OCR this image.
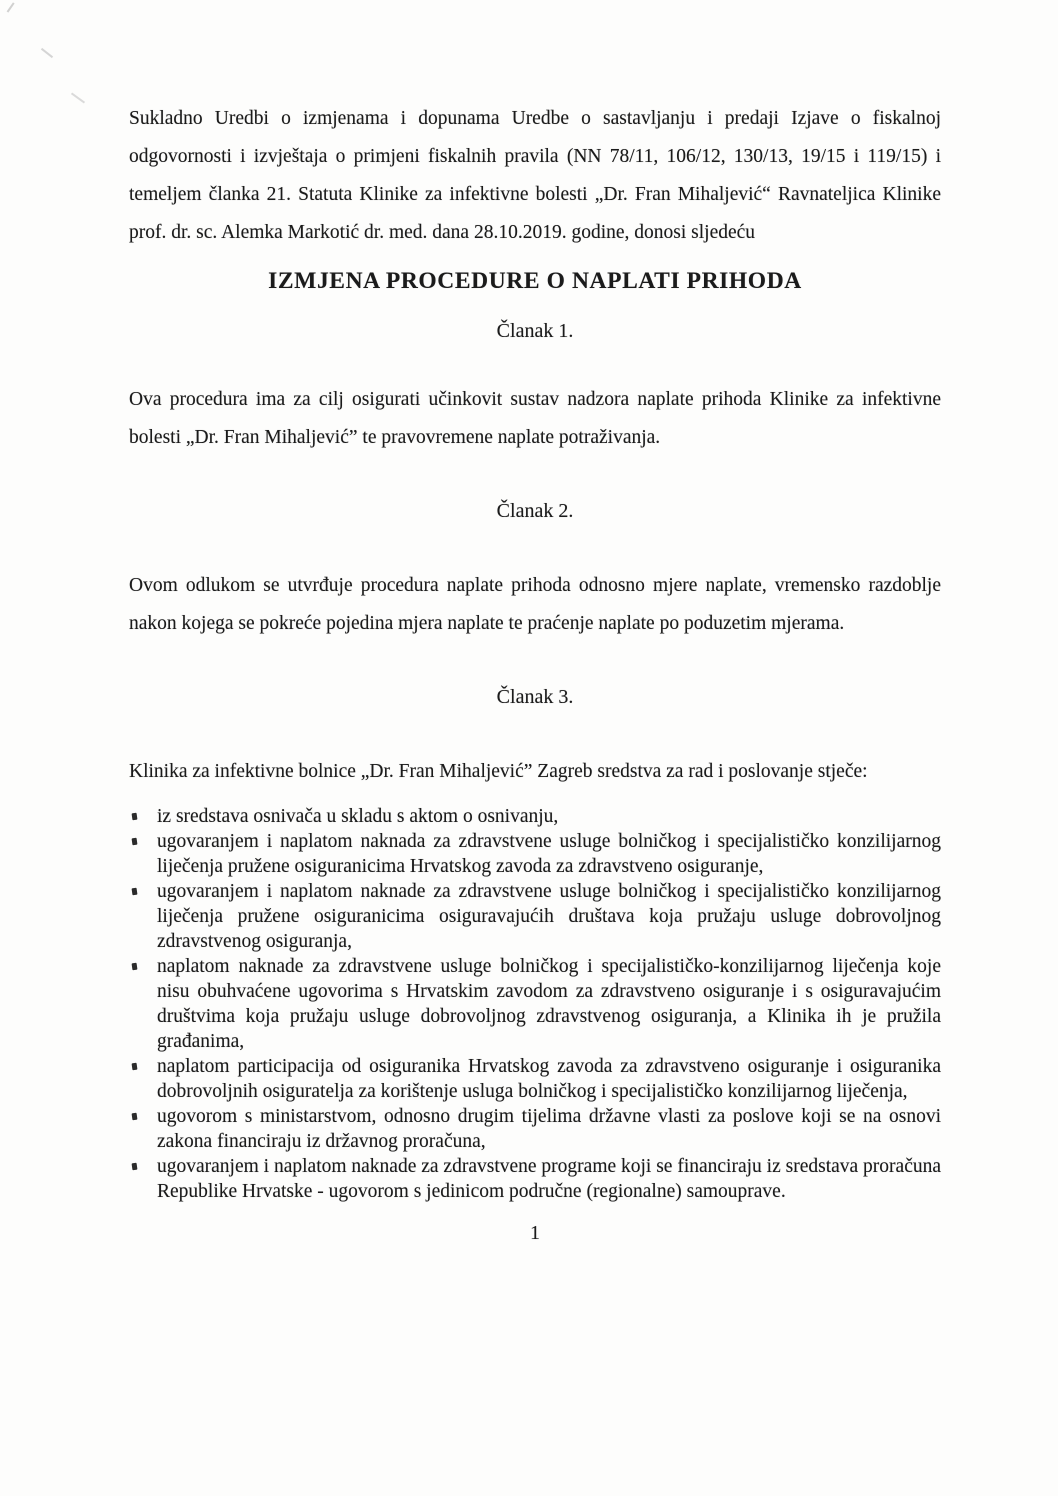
Sukladno Uredbi o izmjenama i dopunama Uredbe o sastavljanju i predaji Izjave o fiskalnoj odgovornosti i izvještaja o primjeni fiskalnih pravila (NN 78/11, 106/12, 130/13, 19/15 i 119/15) i temeljem članka 21. Statuta Klinike za infektivne bolesti „Dr. Fran Mihaljević“ Ravnateljica Klinike prof. dr. sc. Alemka Markotić dr. med. dana 28.10.2019. godine, donosi sljedeću

IZMJENA PROCEDURE O NAPLATI PRIHODA
Članak 1.

Ova procedura ima za cilj osigurati učinkovit sustav nadzora naplate prihoda Klinike za infektivne bolesti „Dr. Fran Mihaljević” te pravovremene naplate potraživanja.

Članak 2.

Ovom odlukom se utvrđuje procedura naplate prihoda odnosno mjere naplate, vremensko razdoblje nakon kojega se pokreće pojedina mjera naplate te praćenje naplate po poduzetim mjerama.

Članak 3.

Klinika za infektivne bolnice „Dr. Fran Mihaljević” Zagreb sredstva za rad i poslovanje stječe:

iz sredstava osnivača u skladu s aktom o osnivanju,
ugovaranjem i naplatom naknada za zdravstvene usluge bolničkog i specijalističko konzilijarnog liječenja pružene osiguranicima Hrvatskog zavoda za zdravstveno osiguranje,
ugovaranjem i naplatom naknade za zdravstvene usluge bolničkog i specijalističko konzilijarnog liječenja pružene osiguranicima osiguravajućih društava koja pružaju usluge dobrovoljnog zdravstvenog osiguranja,
naplatom naknade za zdravstvene usluge bolničkog i specijalističko-konzilijarnog liječenja koje nisu obuhvaćene ugovorima s Hrvatskim zavodom za zdravstveno osiguranje i s osiguravajućim društvima koja pružaju usluge dobrovoljnog zdravstvenog osiguranja, a Klinika ih je pružila građanima,
naplatom participacija od osiguranika Hrvatskog zavoda za zdravstveno osiguranje i osiguranika dobrovoljnih osiguratelja za korištenje usluga bolničkog i specijalističko konzilijarnog liječenja,
ugovorom s ministarstvom, odnosno drugim tijelima državne vlasti za poslove koji se na osnovi zakona financiraju iz državnog proračuna,
ugovaranjem i naplatom naknade za zdravstvene programe koji se financiraju iz sredstava proračuna Republike Hrvatske - ugovorom s jedinicom područne (regionalne) samouprave.
1
